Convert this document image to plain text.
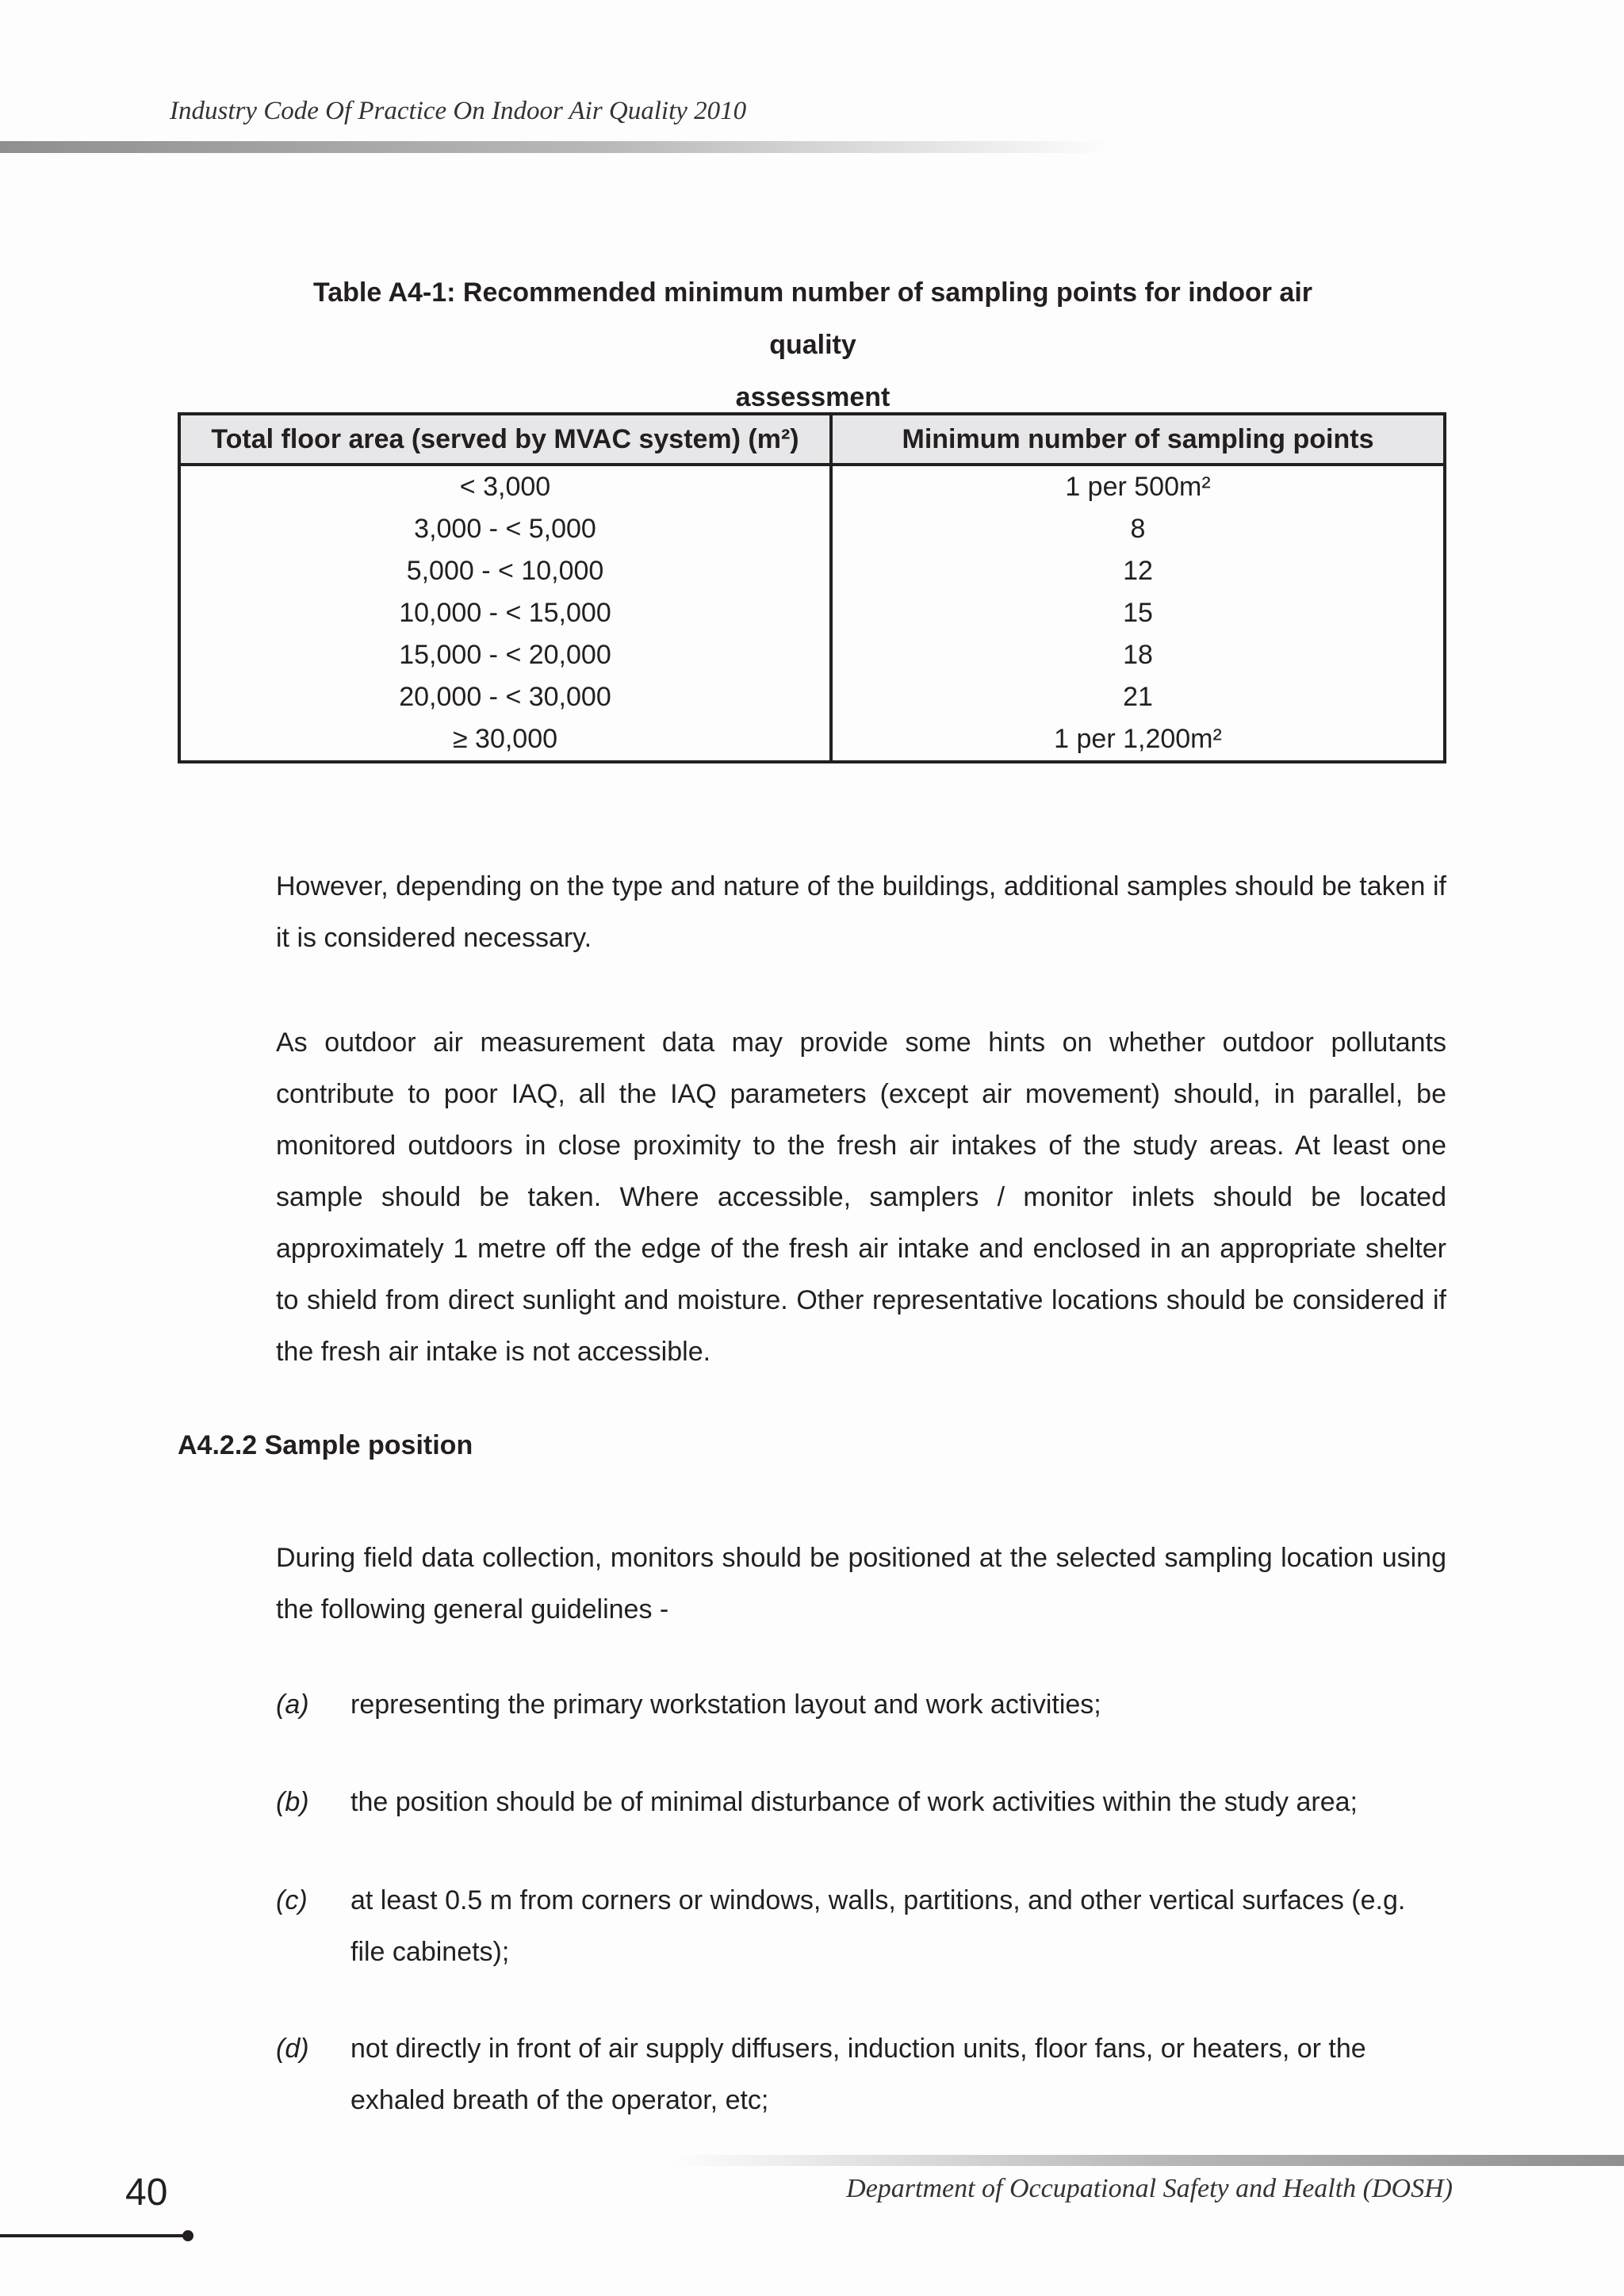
Industry Code Of Practice On Indoor Air Quality 2010
Table A4-1: Recommended minimum number of sampling points for indoor air quality
assessment
Total floor area (served by MVAC system) (m²)	Minimum number of sampling points
< 3,000	1 per 500m²
3,000 - < 5,000	8
5,000 - < 10,000	12
10,000 - < 15,000	15
15,000 - < 20,000	18
20,000 - < 30,000	21
≥ 30,000	1 per 1,200m²

However, depending on the type and nature of the buildings, additional samples should be taken if it is considered necessary.

As outdoor air measurement data may provide some hints on whether outdoor pollutants contribute to poor IAQ, all the IAQ parameters (except air movement) should, in parallel, be monitored outdoors in close proximity to the fresh air intakes of the study areas. At least one sample should be taken. Where accessible, samplers / monitor inlets should be located approximately 1 metre off the edge of the fresh air intake and enclosed in an appropriate shelter to shield from direct sunlight and moisture. Other representative locations should be considered if the fresh air intake is not accessible.

A4.2.2 Sample position

During field data collection, monitors should be positioned at the selected sampling location using the following general guidelines -

(a) representing the primary workstation layout and work activities;
(b) the position should be of minimal disturbance of work activities within the study area;
(c) at least 0.5 m from corners or windows, walls, partitions, and other vertical surfaces (e.g. file cabinets);
(d) not directly in front of air supply diffusers, induction units, floor fans, or heaters, or the exhaled breath of the operator, etc;
Department of Occupational Safety and Health (DOSH)
40
